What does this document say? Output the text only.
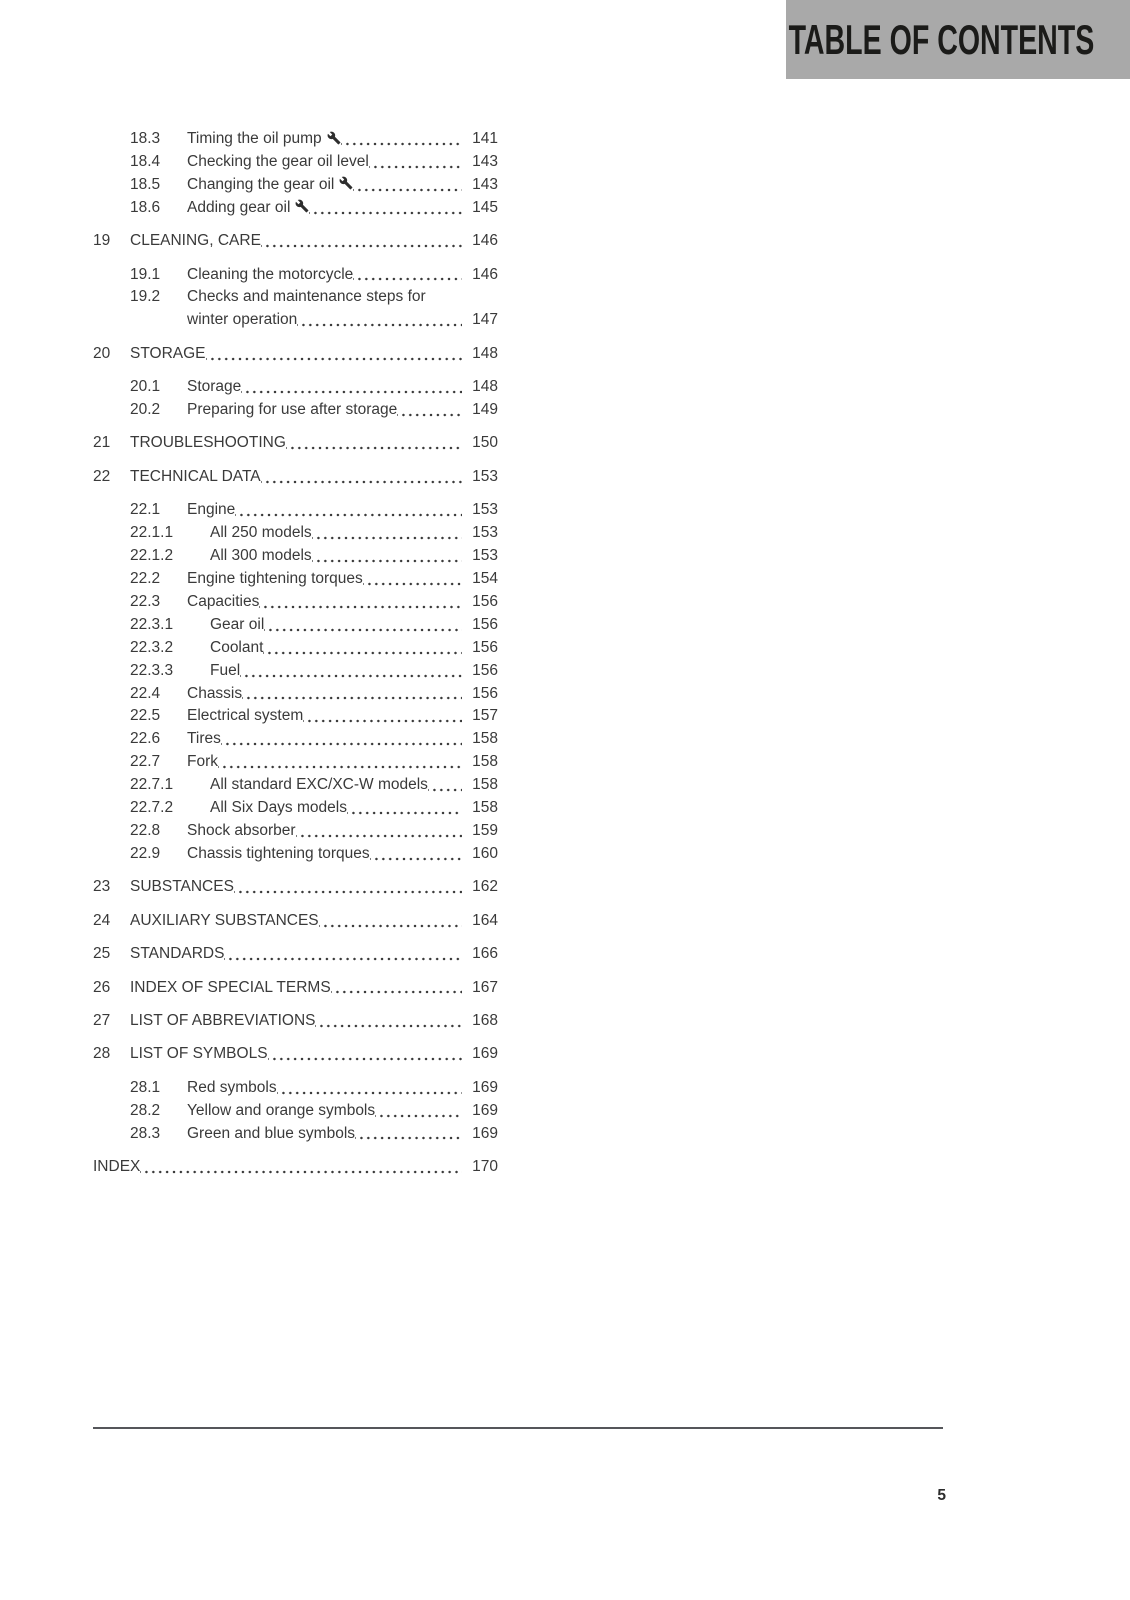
TABLE OF CONTENTS
18.3	Timing the oil pump	141
18.4	Checking the gear oil level	143
18.5	Changing the gear oil	143
18.6	Adding gear oil	145
19	CLEANING, CARE	146
19.1	Cleaning the motorcycle	146
19.2	Checks and maintenance steps for
winter operation	147
20	STORAGE	148
20.1	Storage	148
20.2	Preparing for use after storage	149
21	TROUBLESHOOTING	150
22	TECHNICAL DATA	153
22.1	Engine	153
22.1.1	All 250 models	153
22.1.2	All 300 models	153
22.2	Engine tightening torques	154
22.3	Capacities	156
22.3.1	Gear oil	156
22.3.2	Coolant	156
22.3.3	Fuel	156
22.4	Chassis	156
22.5	Electrical system	157
22.6	Tires	158
22.7	Fork	158
22.7.1	All standard EXC/XC-W models	158
22.7.2	All Six Days models	158
22.8	Shock absorber	159
22.9	Chassis tightening torques	160
23	SUBSTANCES	162
24	AUXILIARY SUBSTANCES	164
25	STANDARDS	166
26	INDEX OF SPECIAL TERMS	167
27	LIST OF ABBREVIATIONS	168
28	LIST OF SYMBOLS	169
28.1	Red symbols	169
28.2	Yellow and orange symbols	169
28.3	Green and blue symbols	169
INDEX	170
5
